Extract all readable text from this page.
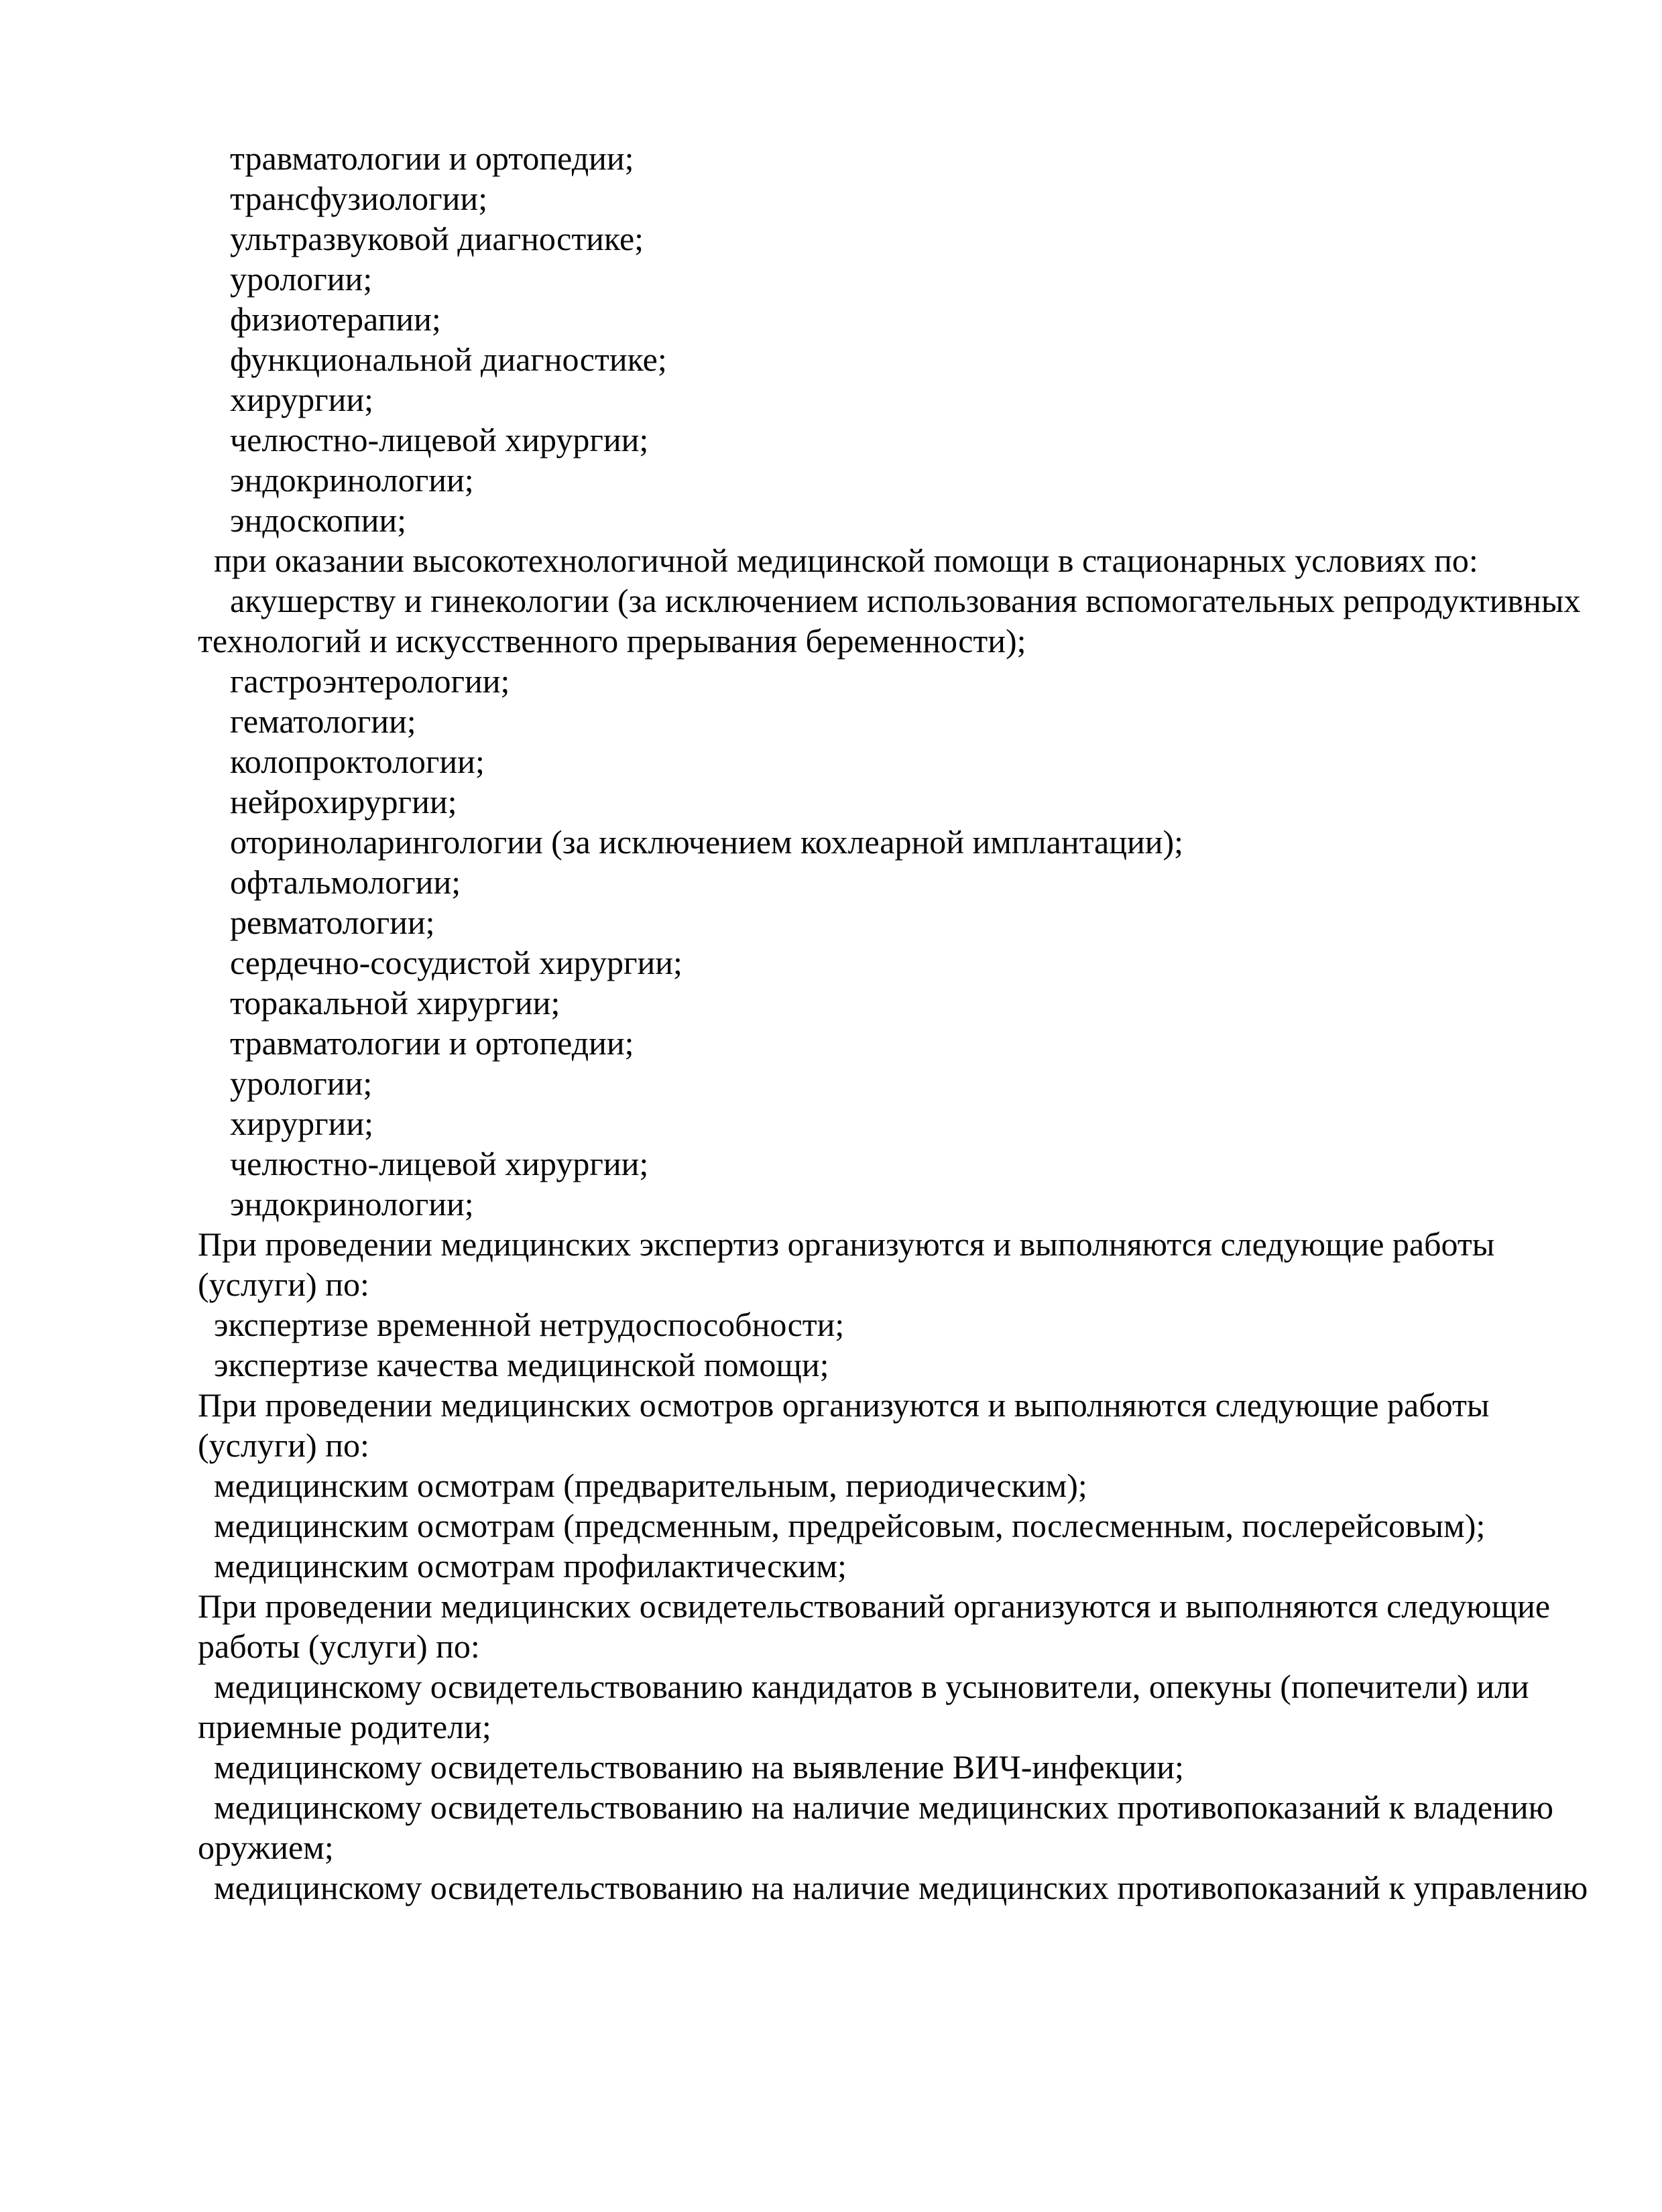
травматологии и ортопедии;
трансфузиологии;
ультразвуковой диагностике;
урологии;
физиотерапии;
функциональной диагностике;
хирургии;
челюстно-лицевой хирургии;
эндокринологии;
эндоскопии;
при оказании высокотехнологичной медицинской помощи в стационарных условиях по:
акушерству и гинекологии (за исключением использования вспомогательных репродуктивных
технологий и искусственного прерывания беременности);
гастроэнтерологии;
гематологии;
колопроктологии;
нейрохирургии;
оториноларингологии (за исключением кохлеарной имплантации);
офтальмологии;
ревматологии;
сердечно-сосудистой хирургии;
торакальной хирургии;
травматологии и ортопедии;
урологии;
хирургии;
челюстно-лицевой хирургии;
эндокринологии;
При проведении медицинских экспертиз организуются и выполняются следующие работы
(услуги) по:
экспертизе временной нетрудоспособности;
экспертизе качества медицинской помощи;
При проведении медицинских осмотров организуются и выполняются следующие работы
(услуги) по:
медицинским осмотрам (предварительным, периодическим);
медицинским осмотрам (предсменным, предрейсовым, послесменным, послерейсовым);
медицинским осмотрам профилактическим;
При проведении медицинских освидетельствований организуются и выполняются следующие
работы (услуги) по:
медицинскому освидетельствованию кандидатов в усыновители, опекуны (попечители) или
приемные родители;
медицинскому освидетельствованию на выявление ВИЧ-инфекции;
медицинскому освидетельствованию на наличие медицинских противопоказаний к владению
оружием;
медицинскому освидетельствованию на наличие медицинских противопоказаний к управлению
